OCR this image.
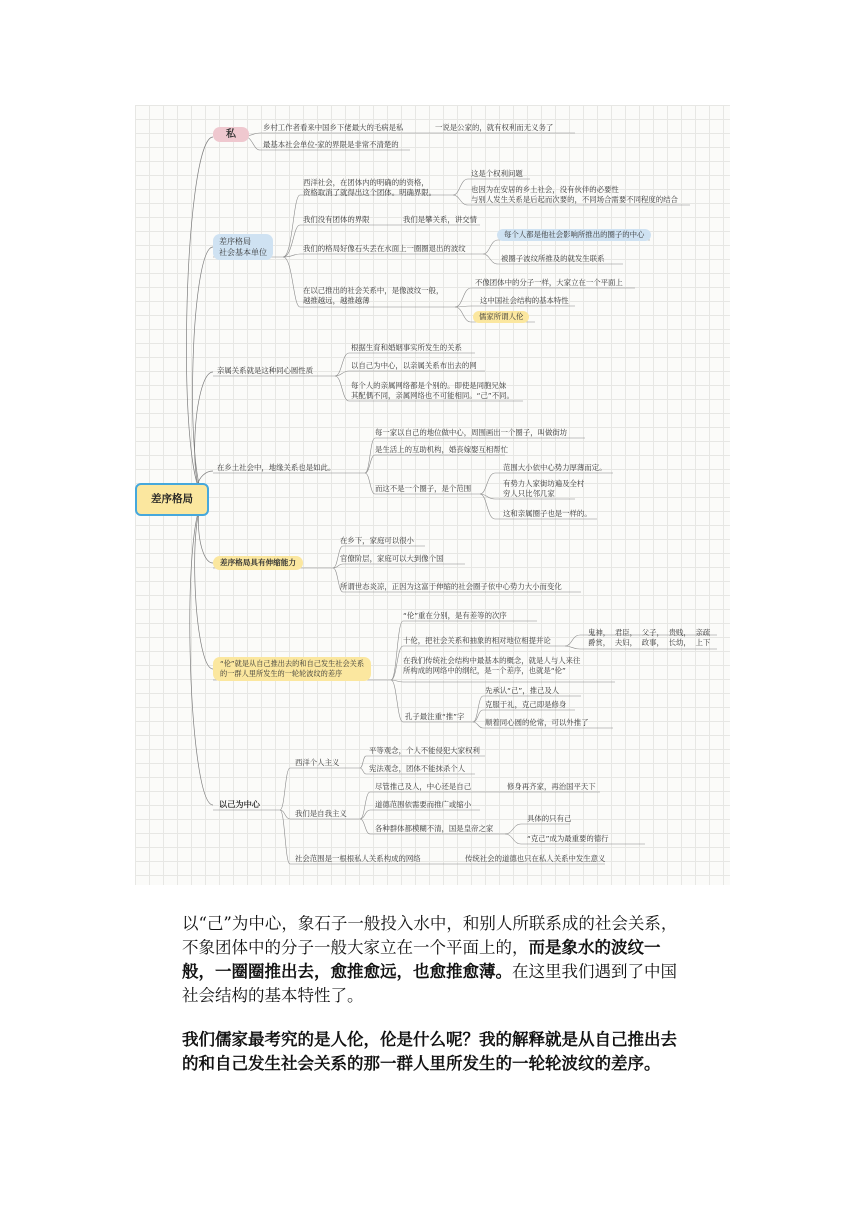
差序格局
私
乡村工作者看来中国乡下佬最大的毛病是私	一说是公家的，就有权利而无义务了
最基本社会单位-家的界限是非常不清楚的
差序格局
社会基本单位
西洋社会，在团体内的明确的的资格，
资格取消了就得出这个团体。明确界限。
这是个权利问题
也因为在安居的乡土社会，没有伙伴的必要性
与别人发生关系是后起而次要的，不同场合需要不同程度的结合
我们没有团体的界限	我们是攀关系，讲交情
我们的格局好像石头丢在水面上一圈圈退出的波纹
每个人都是他社会影响所推出的圈子的中心
被圈子波纹所推及的就发生联系
在以己推出的社会关系中，是像波纹一般，
越推越远，越推越薄
不像团体中的分子一样，大家立在一个平面上
这中国社会结构的基本特性
儒家所谓人伦
亲属关系就是这种同心圆性质
根据生育和婚姻事实所发生的关系
以自己为中心，以亲属关系布出去的网
每个人的亲属网络都是个别的。即使是同胞兄妹
其配偶不同，亲属网络也不可能相同。“己”不同。
在乡土社会中，地缘关系也是如此。
每一家以自己的地位做中心，周围画出一个圈子，叫做街坊
是生活上的互助机构，婚丧嫁娶互相帮忙
而这不是一个圈子，是个范围
范围大小依中心势力厚薄而定。
有势力人家街坊遍及全村
穷人只比邻几家
这和亲属圈子也是一样的。
差序格局具有伸缩能力
在乡下，家庭可以很小
官僚阶层，家庭可以大到像个国
所谓世态炎凉，正因为这富于伸缩的社会圈子依中心势力大小而变化
“伦”就是从自己推出去的和自己发生社会关系
的一群人里所发生的一轮轮波纹的差序
“伦”重在分别，是有差等的次序
十伦，把社会关系和抽象的相对地位相提并论
鬼神，  君臣，  父子，  贵贱，  亲疏
爵赏，  夫妇，  政事，  长幼，  上下
在我们传统社会结构中最基本的概念，就是人与人来往
所构成的网络中的纲纪，是一个差序，也就是“伦”
孔子最注重“推”字
先承认“己”，推己及人
克服于礼，克己即是修身
顺着同心圆的伦常，可以外推了
以己为中心
西洋个人主义
平等观念，个人不能侵犯大家权利
宪法观念，团体不能抹杀个人
我们是自我主义
尽管推己及人，中心还是自己	修身再齐家，再治国平天下
道德范围依需要而推广或缩小
各种群体都模糊不清，国是皇帝之家
具体的只有己
“克己”成为最重要的德行
社会范围是一根根私人关系构成的网络	传统社会的道德也只在私人关系中发生意义

以“己”为中心，象石子一般投入水中，和别人所联系成的社会关系，不象团体中的分子一般大家立在一个平面上的，而是象水的波纹一般，一圈圈推出去，愈推愈远，也愈推愈薄。在这里我们遇到了中国社会结构的基本特性了。

我们儒家最考究的是人伦，伦是什么呢？我的解释就是从自己推出去的和自己发生社会关系的那一群人里所发生的一轮轮波纹的差序。
